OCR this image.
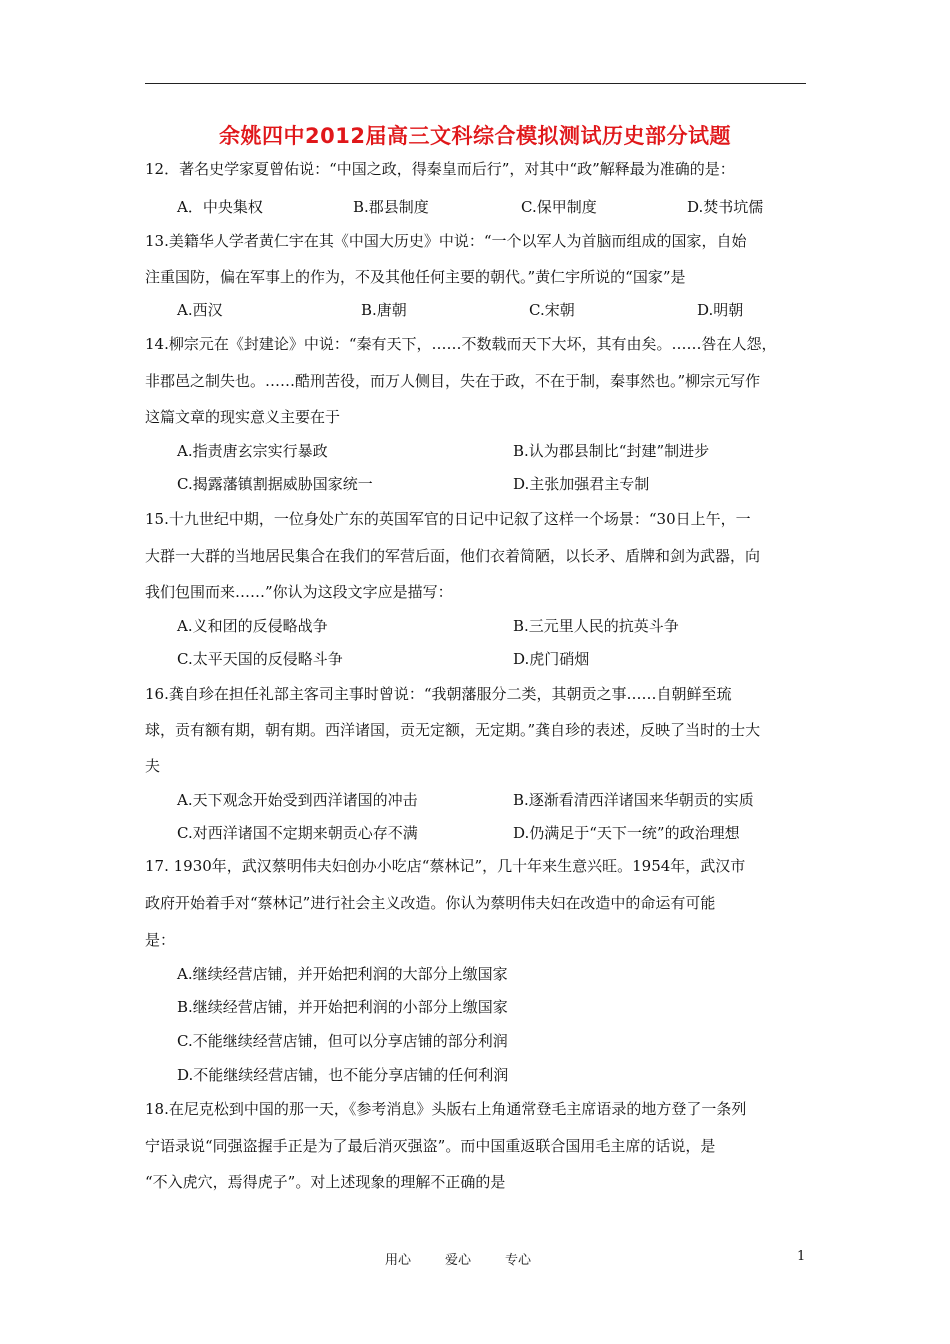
余姚四中2012届高三文科综合模拟测试历史部分试题
12．著名史学家夏曾佑说：“中国之政，得秦皇而后行”，对其中“政”解释最为准确的是：
A．中央集权	B.郡县制度	C.保甲制度	D.焚书坑儒
13.美籍华人学者黄仁宇在其《中国大历史》中说：“一个以军人为首脑而组成的国家，自始
注重国防，偏在军事上的作为，不及其他任何主要的朝代。”黄仁宇所说的“国家”是
A.西汉	B.唐朝	C.宋朝	D.明朝
14.柳宗元在《封建论》中说：“秦有天下，……不数载而天下大坏，其有由矣。……咎在人怨，
非郡邑之制失也。……酷刑苦役，而万人侧目，失在于政，不在于制，秦事然也。”柳宗元写作
这篇文章的现实意义主要在于
A.指责唐玄宗实行暴政	B.认为郡县制比“封建”制进步
C.揭露藩镇割据威胁国家统一	D.主张加强君主专制
15.十九世纪中期，一位身处广东的英国军官的日记中记叙了这样一个场景：“30日上午，一
大群一大群的当地居民集合在我们的军营后面，他们衣着简陋，以长矛、盾牌和剑为武器，向
我们包围而来……”你认为这段文字应是描写：
A.义和团的反侵略战争	B.三元里人民的抗英斗争
C.太平天国的反侵略斗争	D.虎门硝烟
16.龚自珍在担任礼部主客司主事时曾说：“我朝藩服分二类，其朝贡之事……自朝鲜至琉
球，贡有额有期，朝有期。西洋诸国，贡无定额，无定期。”龚自珍的表述，反映了当时的士大
夫
A.天下观念开始受到西洋诸国的冲击	B.逐渐看清西洋诸国来华朝贡的实质
C.对西洋诸国不定期来朝贡心存不满	D.仍满足于“天下一统”的政治理想
17. 1930年，武汉蔡明伟夫妇创办小吃店“蔡林记”，几十年来生意兴旺。1954年，武汉市
政府开始着手对“蔡林记”进行社会主义改造。你认为蔡明伟夫妇在改造中的命运有可能
是：
A.继续经营店铺，并开始把利润的大部分上缴国家
B.继续经营店铺，并开始把利润的小部分上缴国家
C.不能继续经营店铺，但可以分享店铺的部分利润
D.不能继续经营店铺，也不能分享店铺的任何利润
18.在尼克松到中国的那一天，《参考消息》头版右上角通常登毛主席语录的地方登了一条列
宁语录说“同强盗握手正是为了最后消灭强盗”。而中国重返联合国用毛主席的话说，是
“不入虎穴，焉得虎子”。对上述现象的理解不正确的是
用心	爱心	专心	1
